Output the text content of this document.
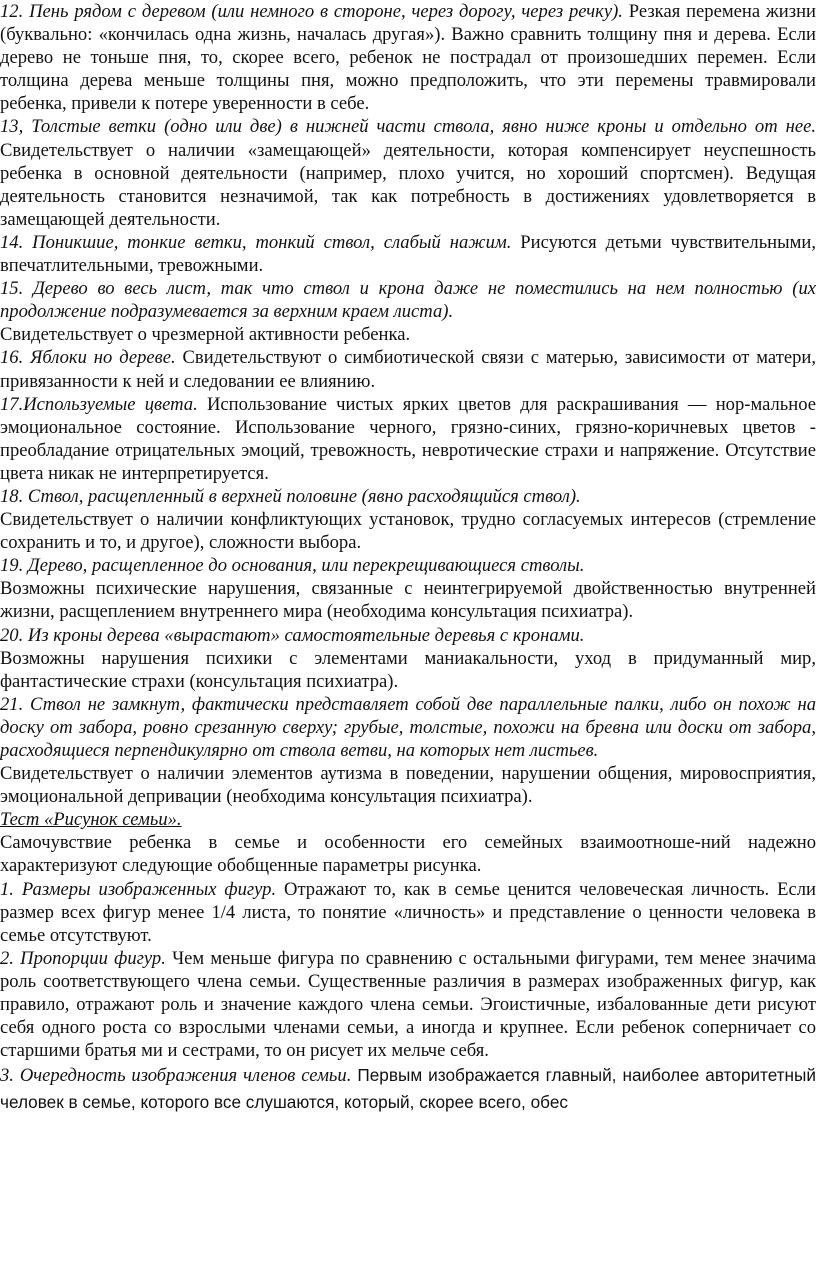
12. Пень рядом с деревом (или немного в стороне, через дорогу, через речку). Резкая перемена жизни (буквально: «кончилась одна жизнь, началась другая»). Важно сравнить толщину пня и дерева. Если дерево не тоньше пня, то, скорее всего, ребенок не пострадал от произошедших перемен. Если толщина дерева меньше толщины пня, можно предположить, что эти перемены травмировали ребенка, привели к потере уверенности в себе.

13, Толстые ветки (одно или две) в нижней части ствола, явно ниже кроны и отдельно от нее. Свидетельствует о наличии «замещающей» деятельности, которая компенсирует неуспешность ребенка в основной деятельности (например, плохо учится, но хороший спортсмен). Ведущая деятельность становится незначимой, так как потребность в достижениях удовлетворяется в замещающей деятельности.

14. Поникшие, тонкие ветки, тонкий ствол, слабый нажим. Рисуются детьми чувствительными, впечатлительными, тревожными.

15. Дерево во весь лист, так что ствол и крона даже не поместились на нем полностью (их продолжение подразумевается за верхним краем листа).

Свидетельствует о чрезмерной активности ребенка.

16. Яблоки но дереве. Свидетельствуют о симбиотической связи с матерью, зависимости от матери, привязанности к ней и следовании ее влиянию.

17.Используемые цвета. Использование чистых ярких цветов для раскрашивания — нор-мальное эмоциональное состояние. Использование черного, грязно-синих, грязно-коричневых цветов - преобладание отрицательных эмоций, тревожность, невротические страхи и напряжение. Отсутствие цвета никак не интерпретируется.

18. Ствол, расщепленный в верхней половине (явно расходящийся ствол).

Свидетельствует о наличии конфликтующих установок, трудно согласуемых интересов (стремление сохранить и то, и другое), сложности выбора.

19. Дерево, расщепленное до основания, или перекрещивающиеся стволы.

Возможны психические нарушения, связанные с неинтегрируемой двойственностью внутренней жизни, расщеплением внутреннего мира (необходима консультация психиатра).

20. Из кроны дерева «вырастают» самостоятельные деревья с кронами.

Возможны нарушения психики с элементами маниакальности, уход в придуманный мир, фантастические страхи (консультация психиатра).

21. Ствол не замкнут, фактически представляет собой две параллельные палки, либо он похож на доску от забора, ровно срезанную сверху; грубые, толстые, похожи на бревна или доски от забора, расходящиеся перпендикулярно от ствола ветви, на которых нет листьев.

Свидетельствует о наличии элементов аутизма в поведении, нарушении общения, мировосприятия, эмоциональной депривации (необходима консультация психиатра).

Тест «Рисунок семьи».

Самочувствие ребенка в семье и особенности его семейных взаимоотноше-ний надежно характеризуют следующие обобщенные параметры рисунка.

1. Размеры изображенных фигур. Отражают то, как в семье ценится человеческая личность. Если размер всех фигур менее 1/4 листа, то понятие «личность» и представление о ценности человека в семье отсутствуют.

2. Пропорции фигур. Чем меньше фигура по сравнению с остальными фигурами, тем менее значима роль соответствующего члена семьи. Существенные различия в размерах изображенных фигур, как правило, отражают роль и значение каждого члена семьи. Эгоистичные, избалованные дети рисуют себя одного роста со взрослыми членами семьи, а иногда и крупнее. Если ребенок соперничает со старшими братья ми и сестрами, то он рисует их мельче себя.

3. Очередность изображения членов семьи. Первым изображается главный, наиболее авторитетный человек в семье, которого все слушаются, который, скорее всего, обес
